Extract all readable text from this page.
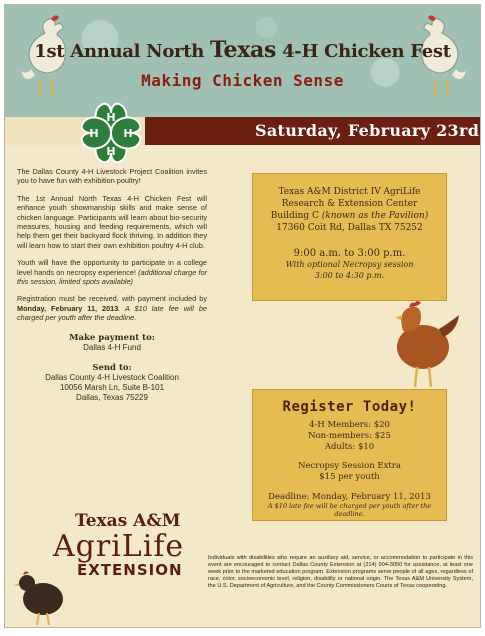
1st Annual North Texas 4-H Chicken Fest
Making Chicken Sense
Saturday, February 23rd
H
H
H H

The Dallas County 4-H Livestock Project Coalition invites you to have fun with exhibition poultry!

The 1st Annual North Texas 4-H Chicken Fest will enhance youth showmanship skills and make sense of chicken language. Participants will learn about bio-security measures, housing and feeding requirements, which will help them get their backyard flock thriving. In addition they will learn how to start their own exhibition poultry 4-H club.

Youth will have the opportunity to participate in a college level hands on necropsy experience! (additional charge for this session, limited spots available)

Registration must be received, with payment included by Monday, February 11, 2013. A $10 late fee will be charged per youth after the deadline.

Make payment to:
Dallas 4-H Fund
Send to:
Dallas County 4-H Livestock Coalition
10056 Marsh Ln, Suite B-101
Dallas, Texas 75229
Texas A&M District IV AgriLife
Research & Extension Center
Building C (known as the Pavilion)
17360 Coit Rd, Dallas TX 75252
9:00 a.m. to 3:00 p.m.
With optional Necropsy session
3:00 to 4:30 p.m.
Register Today!
4-H Members: $20
Non-members: $25
Adults: $10
Necropsy Session Extra
$15 per youth
Deadline: Monday, February 11, 2013
A $10 late fee will be charged per youth after the deadline.
Texas A&M
AgriLife
EXTENSION
Individuals with disabilities who require an auxiliary aid, service, or accommodation to participate in this event are encouraged to contact Dallas County Extension at (214) 904-3050 for assistance, at least one week prior to the marketed education program. Extension programs serve people of all ages, regardless of race, color, socioeconomic level, religion, disability or national origin. The Texas A&M University System, the U.S. Department of Agriculture, and the County Commissioners Courts of Texas cooperating.
